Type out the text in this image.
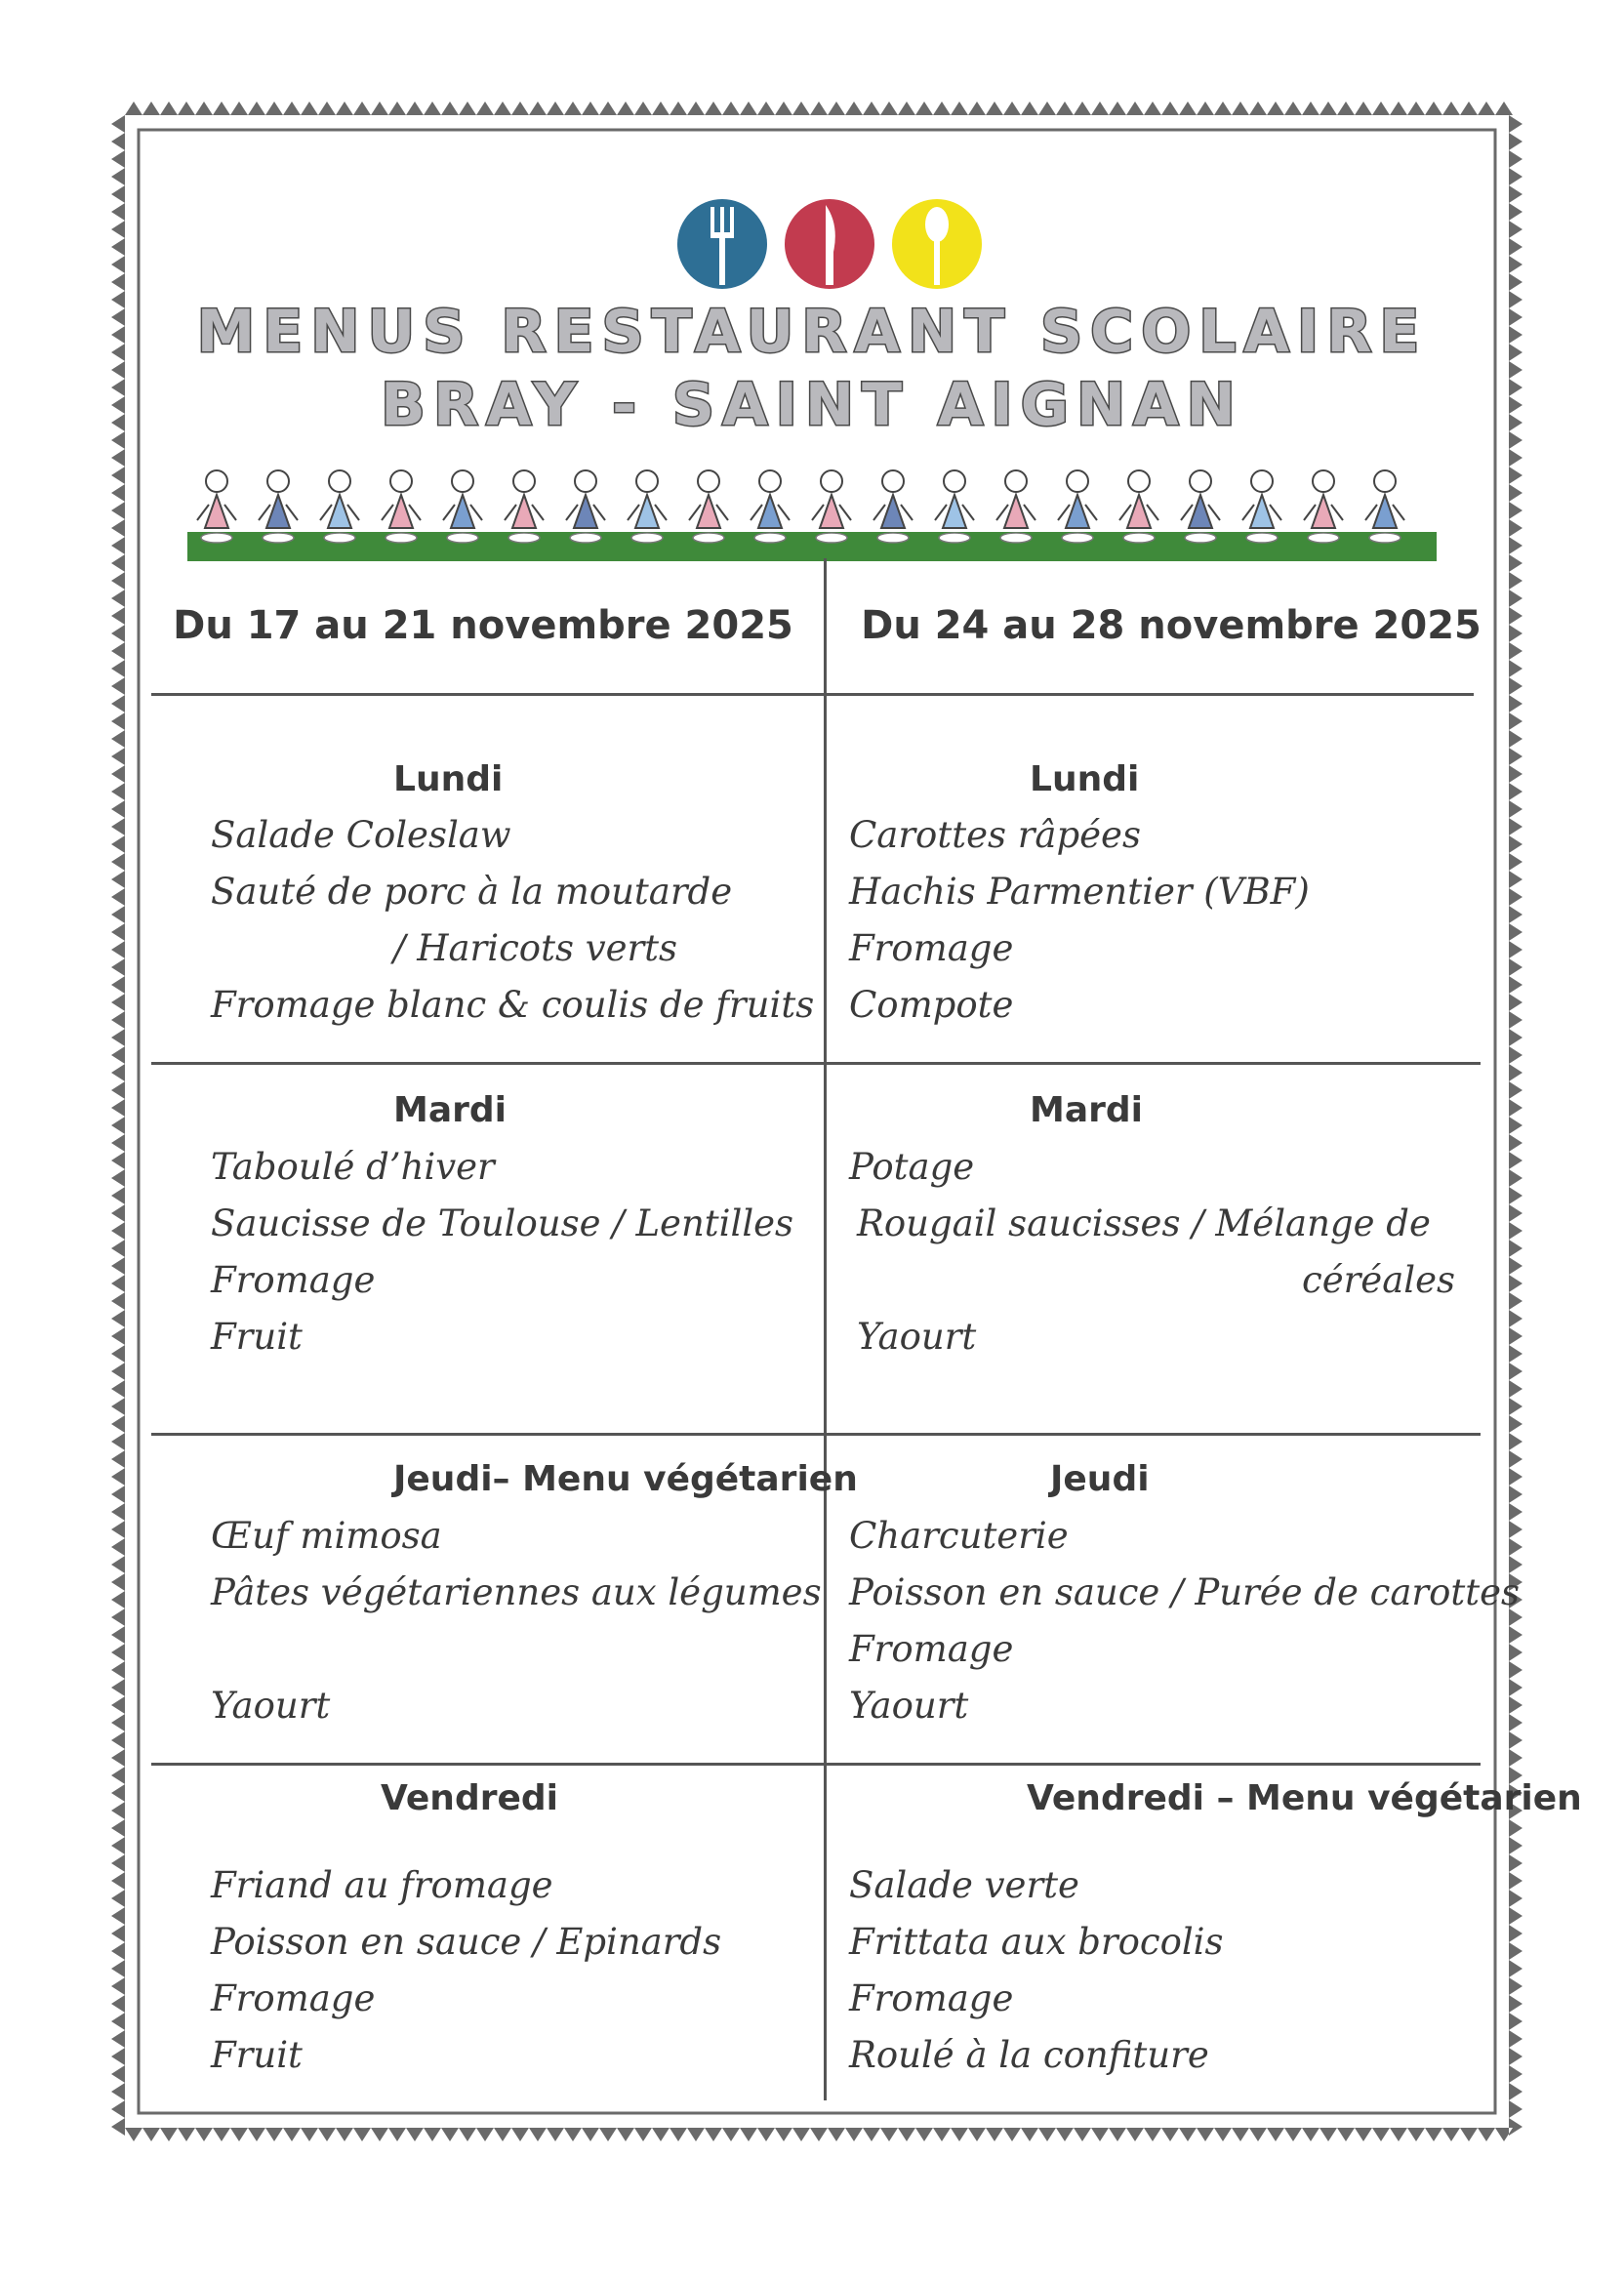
MENUS RESTAURANT SCOLAIRE
BRAY - SAINT AIGNAN
Du 17 au 21 novembre 2025	Du 24 au 28 novembre 2025
Lundi
Salade Coleslaw
Sauté de porc à la moutarde
/ Haricots verts
Fromage blanc & coulis de fruits
Mardi
Taboulé d’hiver
Saucisse de Toulouse / Lentilles
Fromage
Fruit
Jeudi– Menu végétarien
Œuf mimosa
Pâtes végétariennes aux légumes
Yaourt
Vendredi
Friand au fromage
Poisson en sauce / Epinards
Fromage
Fruit
Lundi
Carottes râpées
Hachis Parmentier (VBF)
Fromage
Compote
Mardi
Potage
Rougail saucisses / Mélange de
céréales
Yaourt
Jeudi
Charcuterie
Poisson en sauce / Purée de carottes
Fromage
Yaourt
Vendredi – Menu végétarien
Salade verte
Frittata aux brocolis
Fromage
Roulé à la confiture
